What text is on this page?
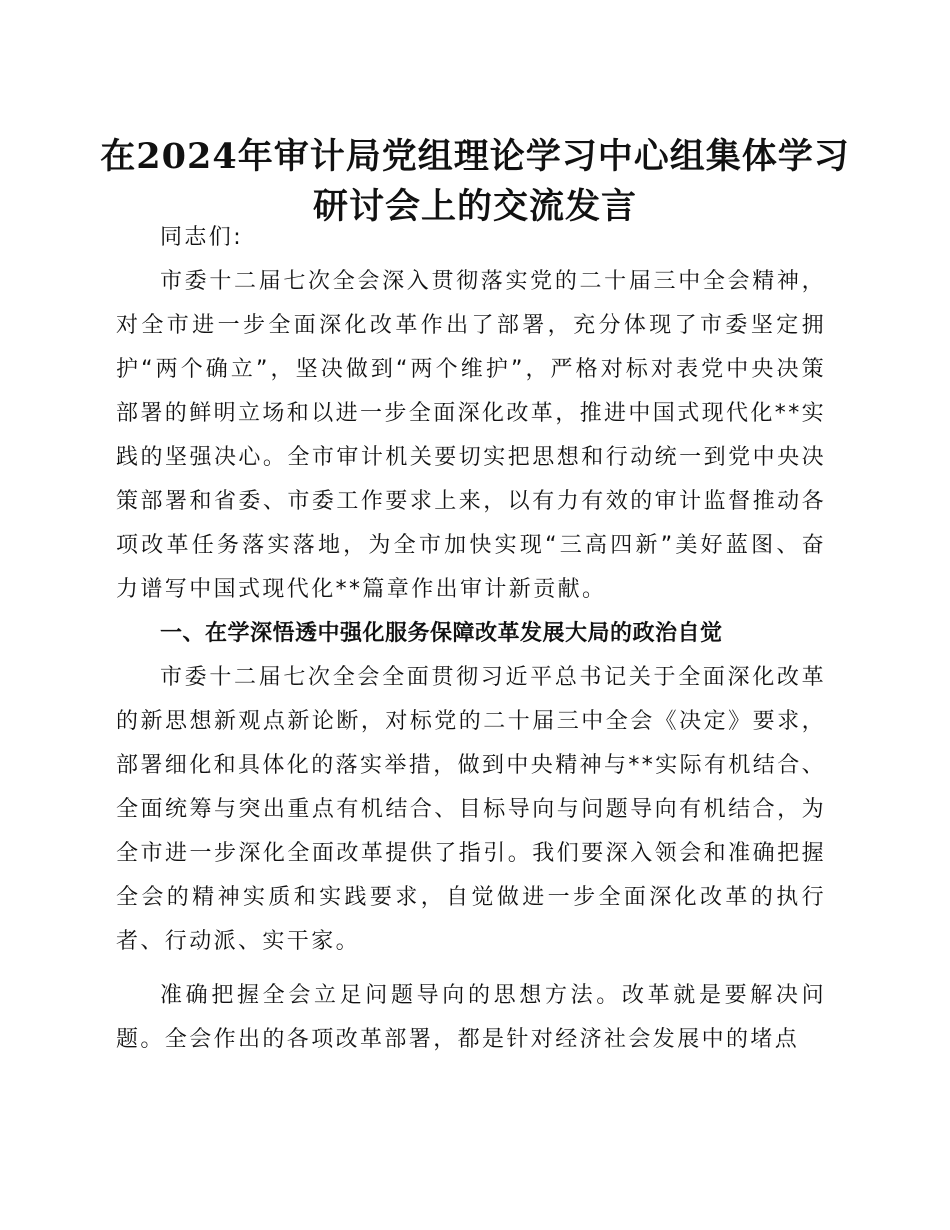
在2024年审计局党组理论学习中心组集体学习
研讨会上的交流发言

同志们:

市委十二届七次全会深入贯彻落实党的二十届三中全会精神，对全市进一步全面深化改革作出了部署，充分体现了市委坚定拥护“两个确立”，坚决做到“两个维护”，严格对标对表党中央决策部署的鲜明立场和以进一步全面深化改革，推进中国式现代化**实践的坚强决心。全市审计机关要切实把思想和行动统一到党中央决策部署和省委、市委工作要求上来，以有力有效的审计监督推动各项改革任务落实落地，为全市加快实现“三高四新”美好蓝图、奋力谱写中国式现代化**篇章作出审计新贡献。

一、在学深悟透中强化服务保障改革发展大局的政治自觉

市委十二届七次全会全面贯彻习近平总书记关于全面深化改革的新思想新观点新论断，对标党的二十届三中全会《决定》要求，部署细化和具体化的落实举措，做到中央精神与**实际有机结合、全面统筹与突出重点有机结合、目标导向与问题导向有机结合，为全市进一步深化全面改革提供了指引。我们要深入领会和准确把握全会的精神实质和实践要求，自觉做进一步全面深化改革的执行者、行动派、实干家。

准确把握全会立足问题导向的思想方法。改革就是要解决问题。全会作出的各项改革部署，都是针对经济社会发展中的堵点
